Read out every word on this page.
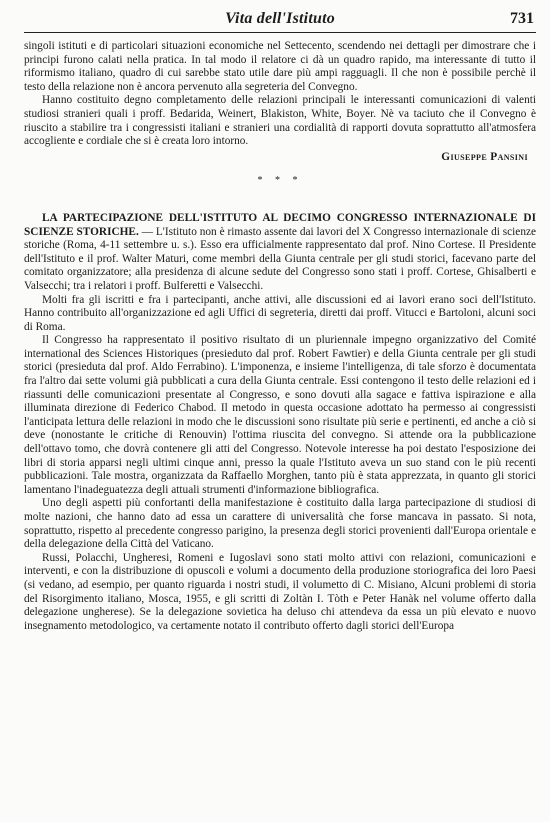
Vita dell'Istituto	731

singoli istituti e di particolari situazioni economiche nel Settecento, scendendo nei dettagli per dimostrare che i principi furono calati nella pratica. In tal modo il relatore ci dà un quadro rapido, ma interessante di tutto il riformismo italiano, quadro di cui sarebbe stato utile dare più ampi ragguagli. Il che non è possibile perchè il testo della relazione non è ancora pervenuto alla segreteria del Convegno.

Hanno costituito degno completamento delle relazioni principali le interessanti comunicazioni di valenti studiosi stranieri quali i proff. Bedarida, Weinert, Blakiston, White, Boyer. Nè va taciuto che il Convegno è riuscito a stabilire tra i congressisti italiani e stranieri una cordialità di rapporti dovuta soprattutto all'atmosfera accogliente e cordiale che si è creata loro intorno.

Giuseppe Pansini
* * *

LA PARTECIPAZIONE DELL'ISTITUTO AL DECIMO CONGRESSO INTERNAZIONALE DI SCIENZE STORICHE. — L'Istituto non è rimasto assente dai lavori del X Congresso internazionale di scienze storiche (Roma, 4-11 settembre u. s.). Esso era ufficialmente rappresentato dal prof. Nino Cortese. Il Presidente dell'Istituto e il prof. Walter Maturi, come membri della Giunta centrale per gli studi storici, facevano parte del comitato organizzatore; alla presidenza di alcune sedute del Congresso sono stati i proff. Cortese, Ghisalberti e Valsecchi; tra i relatori i proff. Bulferetti e Valsecchi.

Molti fra gli iscritti e fra i partecipanti, anche attivi, alle discussioni ed ai lavori erano soci dell'Istituto. Hanno contribuito all'organizzazione ed agli Uffici di segreteria, diretti dai proff. Vitucci e Bartoloni, alcuni soci di Roma.

Il Congresso ha rappresentato il positivo risultato di un pluriennale impegno organizzativo del Comité international des Sciences Historiques (presieduto dal prof. Robert Fawtier) e della Giunta centrale per gli studi storici (presieduta dal prof. Aldo Ferrabino). L'imponenza, e insieme l'intelligenza, di tale sforzo è documentata fra l'altro dai sette volumi già pubblicati a cura della Giunta centrale. Essi contengono il testo delle relazioni ed i riassunti delle comunicazioni presentate al Congresso, e sono dovuti alla sagace e fattiva ispirazione e alla illuminata direzione di Federico Chabod. Il metodo in questa occasione adottato ha permesso ai congressisti l'anticipata lettura delle relazioni in modo che le discussioni sono risultate più serie e pertinenti, ed anche a ciò si deve (nonostante le critiche di Renouvin) l'ottima riuscita del convegno. Si attende ora la pubblicazione dell'ottavo tomo, che dovrà contenere gli atti del Congresso. Notevole interesse ha poi destato l'esposizione dei libri di storia apparsi negli ultimi cinque anni, presso la quale l'Istituto aveva un suo stand con le più recenti pubblicazioni. Tale mostra, organizzata da Raffaello Morghen, tanto più è stata apprezzata, in quanto gli storici lamentano l'inadeguatezza degli attuali strumenti d'informazione bibliografica.

Uno degli aspetti più confortanti della manifestazione è costituito dalla larga partecipazione di studiosi di molte nazioni, che hanno dato ad essa un carattere di universalità che forse mancava in passato. Si nota, soprattutto, rispetto al precedente congresso parigino, la presenza degli storici provenienti dall'Europa orientale e della delegazione della Città del Vaticano.

Russi, Polacchi, Ungheresi, Romeni e Iugoslavi sono stati molto attivi con relazioni, comunicazioni e interventi, e con la distribuzione di opuscoli e volumi a documento della produzione storiografica dei loro Paesi (si vedano, ad esempio, per quanto riguarda i nostri studi, il volumetto di C. Misiano, Alcuni problemi di storia del Risorgimento italiano, Mosca, 1955, e gli scritti di Zoltàn I. Tòth e Peter Hanàk nel volume offerto dalla delegazione ungherese). Se la delegazione sovietica ha deluso chi attendeva da essa un più elevato e nuovo insegnamento metodologico, va certamente notato il contributo offerto dagli storici dell'Europa
